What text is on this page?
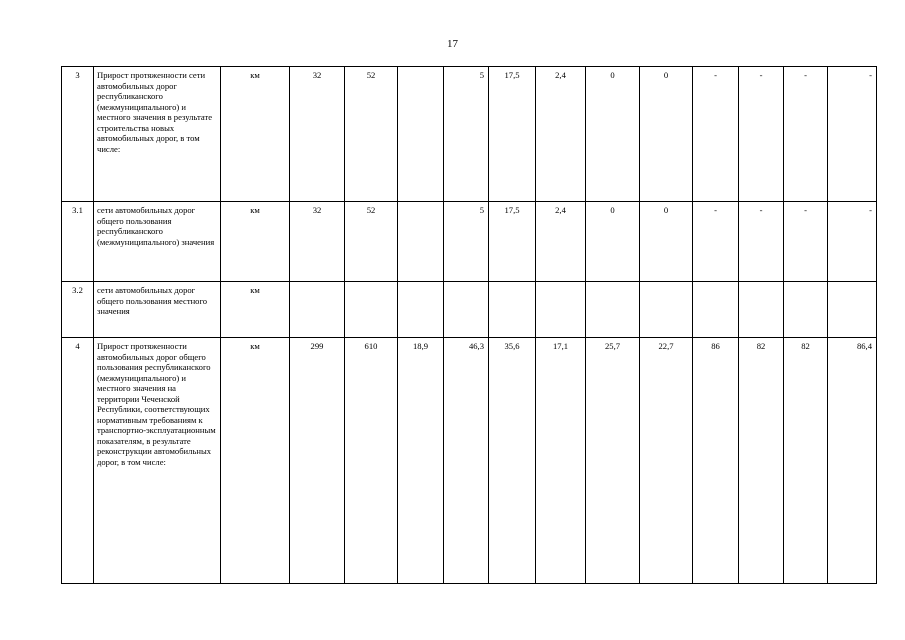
17
3	Прирост протяженности сети автомобильных дорог республиканского (межмуниципального) и местного значения в результате строительства новых автомобильных дорог, в том числе:	км	32	52		5	17,5	2,4	0	0	-	-	-	-
3.1	сети автомобильных дорог общего пользования республиканского (межмуниципального) значения	км	32	52		5	17,5	2,4	0	0	-	-	-	-
3.2	сети автомобильных дорог общего пользования местного значения	км												
4	Прирост протяженности автомобильных дорог общего пользования республиканского (межмуниципального) и местного значения на территории Чеченской Республики, соответствующих нормативным требованиям к транспортно-эксплуатационным показателям, в результате реконструкции автомобильных дорог, в том числе:	км	299	610	18,9	46,3	35,6	17,1	25,7	22,7	86	82	82	86,4
